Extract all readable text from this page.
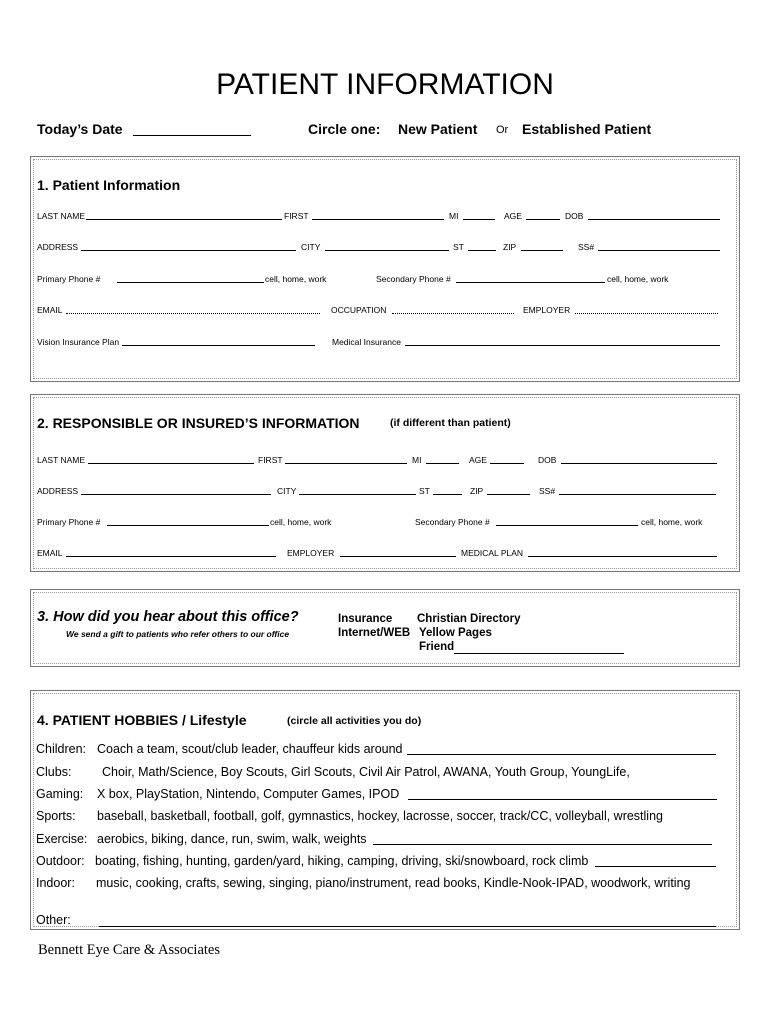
PATIENT INFORMATION
Today’s Date	Circle one: New Patient Or Established Patient
1. Patient Information
LAST NAME	FIRST	MI	AGE	DOB
ADDRESS	CITY	ST	ZIP	SS#
Primary Phone #	cell, home, work	Secondary Phone #	cell, home, work
EMAIL	OCCUPATION	EMPLOYER
Vision Insurance Plan	Medical Insurance
2. RESPONSIBLE OR INSURED’S INFORMATION	(if different than patient)
LAST NAME	FIRST	MI	AGE	DOB
ADDRESS	CITY	ST	ZIP	SS#
Primary Phone #	cell, home, work	Secondary Phone #	cell, home, work
EMAIL	EMPLOYER	MEDICAL PLAN
3. How did you hear about this office?
We send a gift to patients who refer others to our office
Insurance
Internet/WEB
Christian Directory
Yellow Pages
Friend
4. PATIENT HOBBIES / Lifestyle	(circle all activities you do)
Children: Coach a team, scout/club leader, chauffeur kids around
Clubs: Choir, Math/Science, Boy Scouts, Girl Scouts, Civil Air Patrol, AWANA, Youth Group, YoungLife,
Gaming: X box, PlayStation, Nintendo, Computer Games, IPOD
Sports: baseball, basketball, football, golf, gymnastics, hockey, lacrosse, soccer, track/CC, volleyball, wrestling
Exercise: aerobics, biking, dance, run, swim, walk, weights
Outdoor: boating, fishing, hunting, garden/yard, hiking, camping, driving, ski/snowboard, rock climb
Indoor: music, cooking, crafts, sewing, singing, piano/instrument, read books, Kindle-Nook-IPAD, woodwork, writing
Other:
Bennett Eye Care & Associates
